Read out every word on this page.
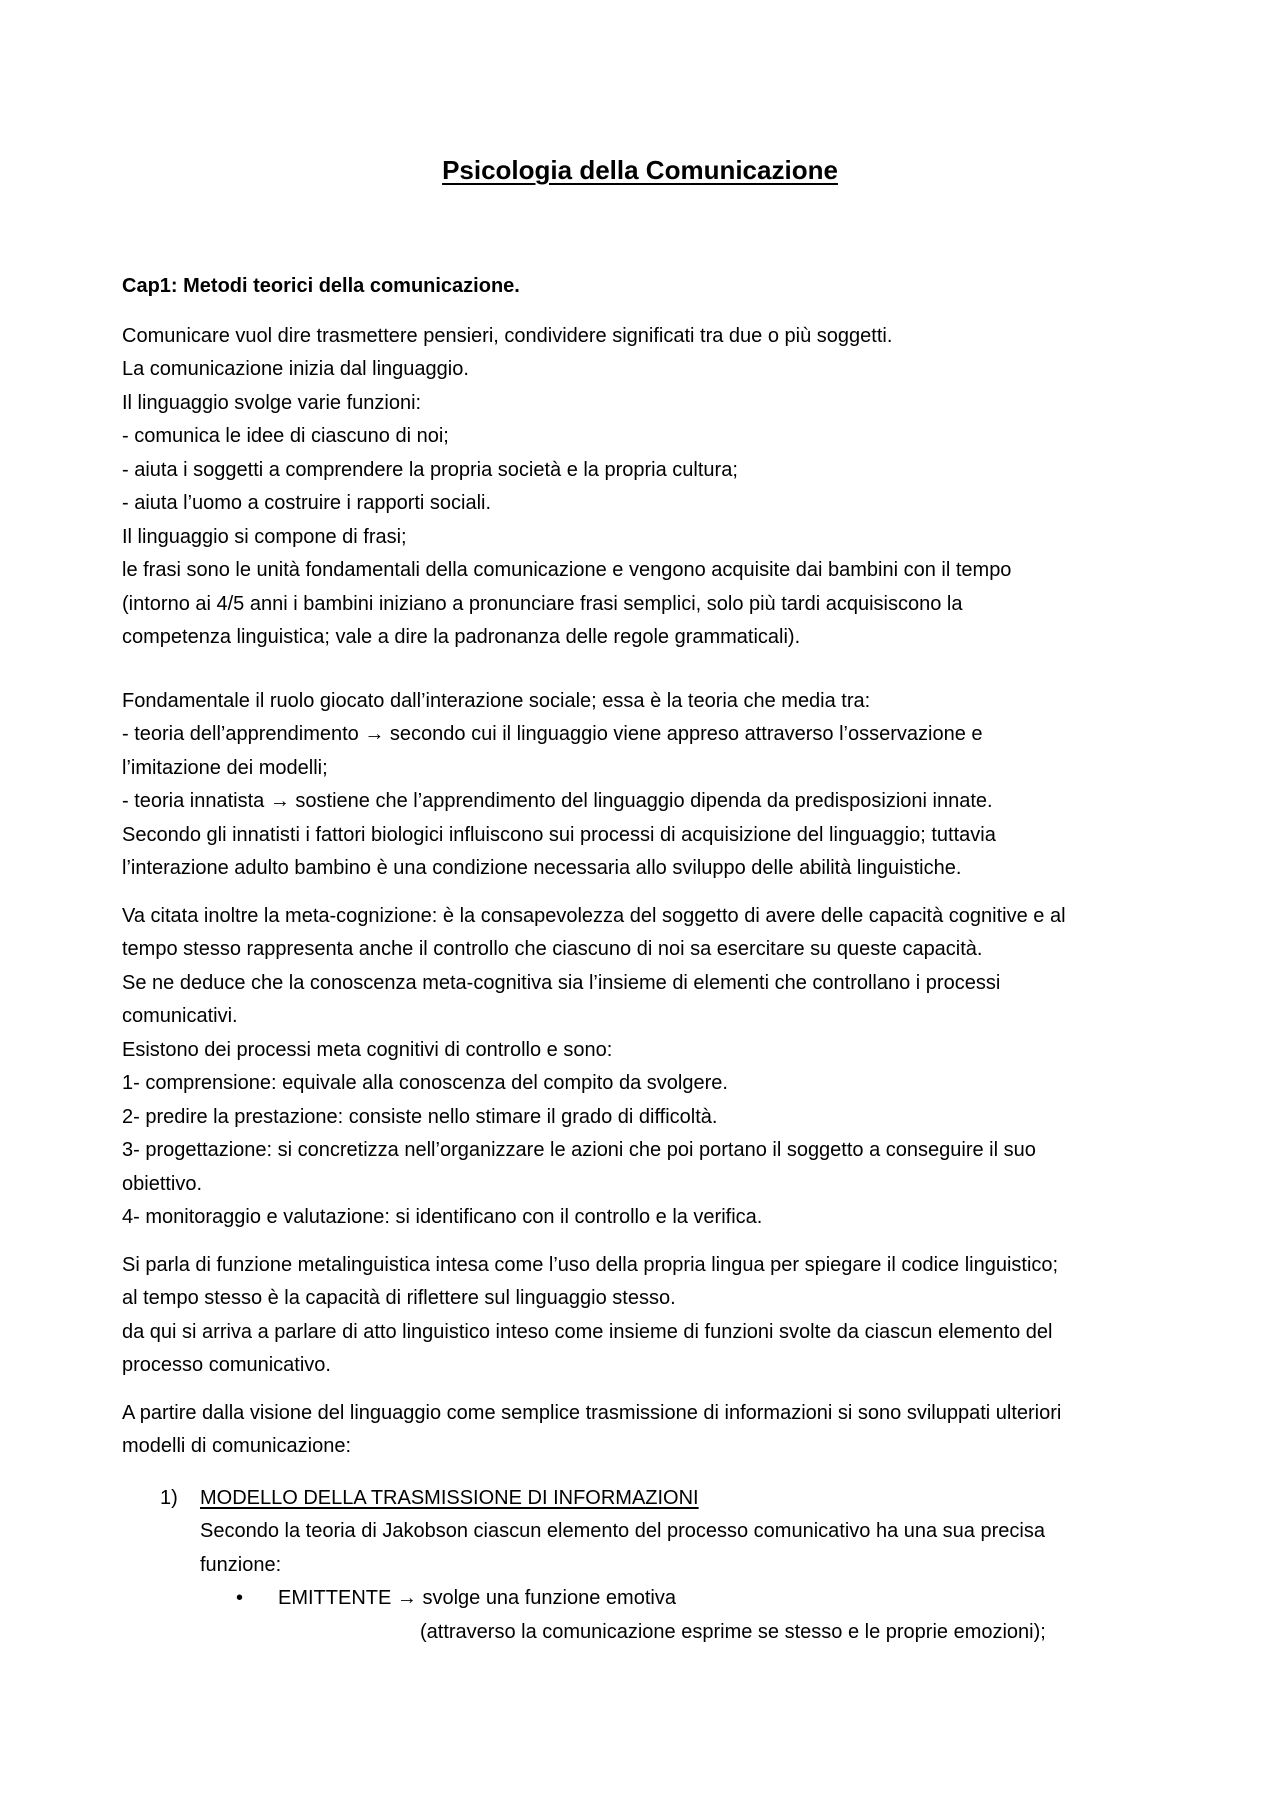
Psicologia della Comunicazione
Cap1: Metodi teorici della comunicazione.
Comunicare vuol dire trasmettere pensieri, condividere significati tra due o più soggetti.
La comunicazione inizia dal linguaggio.
Il linguaggio svolge varie funzioni:
- comunica le idee di ciascuno di noi;
- aiuta i soggetti a comprendere la propria società e la propria cultura;
- aiuta l’uomo a costruire i rapporti sociali.
Il linguaggio si compone di frasi;
le frasi sono le unità fondamentali della comunicazione e vengono acquisite dai bambini con il tempo
(intorno ai 4/5 anni i bambini iniziano a pronunciare frasi semplici, solo più tardi acquisiscono la
competenza linguistica; vale a dire la padronanza delle regole grammaticali).
Fondamentale il ruolo giocato dall’interazione sociale; essa è la teoria che media tra:
- teoria dell’apprendimento → secondo cui il linguaggio viene appreso attraverso l’osservazione e
l’imitazione dei modelli;
- teoria innatista → sostiene che l’apprendimento del linguaggio dipenda da predisposizioni innate.
Secondo gli innatisti i fattori biologici influiscono sui processi di acquisizione del linguaggio; tuttavia
l’interazione adulto bambino è una condizione necessaria allo sviluppo delle abilità linguistiche.
Va citata inoltre la meta-cognizione: è la consapevolezza del soggetto di avere delle capacità cognitive e al
tempo stesso rappresenta anche il controllo che ciascuno di noi sa esercitare su queste capacità.
Se ne deduce che la conoscenza meta-cognitiva sia l’insieme di elementi che controllano i processi
comunicativi.
Esistono dei processi meta cognitivi di controllo e sono:
1- comprensione: equivale alla conoscenza del compito da svolgere.
2- predire la prestazione: consiste nello stimare il grado di difficoltà.
3- progettazione: si concretizza nell’organizzare le azioni che poi portano il soggetto a conseguire il suo
obiettivo.
4- monitoraggio e valutazione: si identificano con il controllo e la verifica.
Si parla di funzione metalinguistica intesa come l’uso della propria lingua per spiegare il codice linguistico;
al tempo stesso è la capacità di riflettere sul linguaggio stesso.
da qui si arriva a parlare di atto linguistico inteso come insieme di funzioni svolte da ciascun elemento del
processo comunicativo.
A partire dalla visione del linguaggio come semplice trasmissione di informazioni si sono sviluppati ulteriori
modelli di comunicazione:
1) MODELLO DELLA TRASMISSIONE DI INFORMAZIONI
Secondo la teoria di Jakobson ciascun elemento del processo comunicativo ha una sua precisa
funzione:
• EMITTENTE → svolge una funzione emotiva
(attraverso la comunicazione esprime se stesso e le proprie emozioni);
